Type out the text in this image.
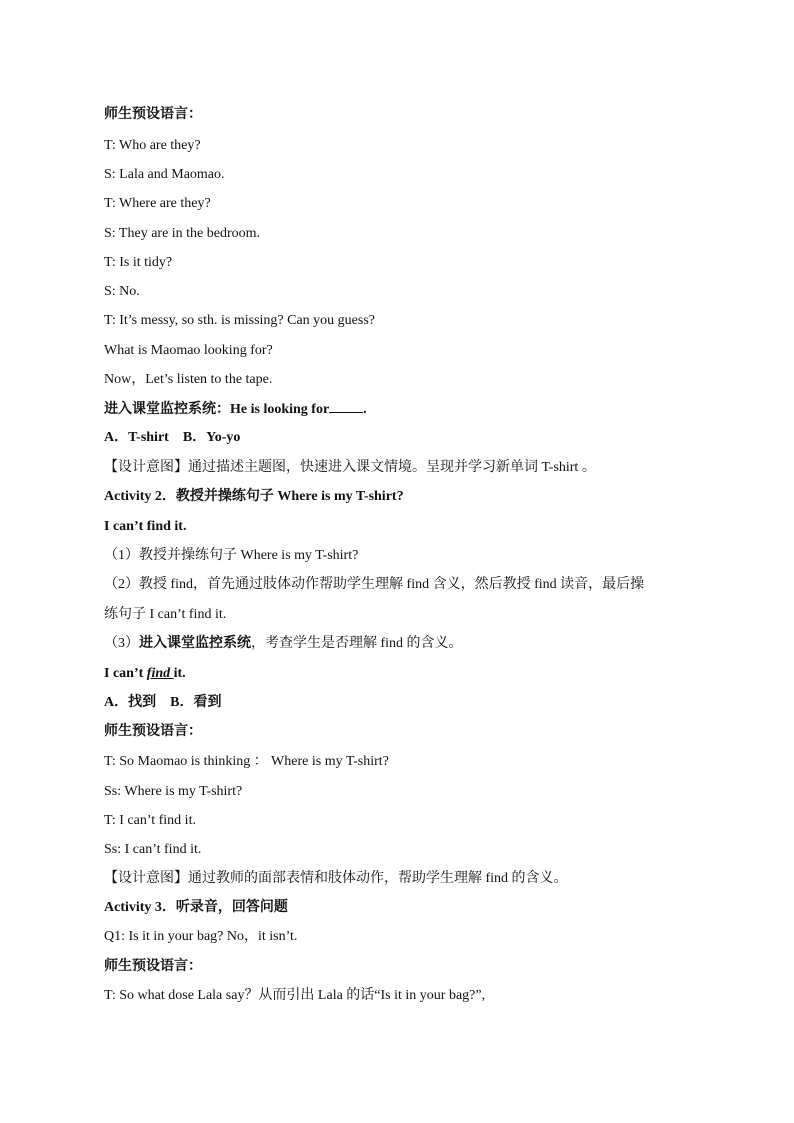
师生预设语言：
T: Who are they?
S: Lala and Maomao.
T: Where are they?
S: They are in the bedroom.
T: Is it tidy?
S: No.
T: It’s messy, so sth. is missing? Can you guess?
What is Maomao looking for?
Now，Let’s listen to the tape.
进入课堂监控系统：He is looking for .
A．T-shirt B．Yo-yo
【设计意图】通过描述主题图，快速进入课文情境。呈现并学习新单词 T-shirt 。
Activity 2．教授并操练句子 Where is my T-shirt?
I can’t find it.
（1）教授并操练句子 Where is my T-shirt?
（2）教授 find，首先通过肢体动作帮助学生理解 find 含义，然后教授 find 读音，最后操
练句子 I can’t find it.
（3）进入课堂监控系统，考查学生是否理解 find 的含义。
I can’t find it.
A．找到 B．看到
师生预设语言：
T: So Maomao is thinking ： Where is my T-shirt?
Ss: Where is my T-shirt?
T: I can’t find it.
Ss: I can’t find it.
【设计意图】通过教师的面部表情和肢体动作，帮助学生理解 find 的含义。
Activity 3．听录音，回答问题
Q1: Is it in your bag? No，it isn’t.
师生预设语言：
T: So what dose Lala say？从而引出 Lala 的话“Is it in your bag?”,
